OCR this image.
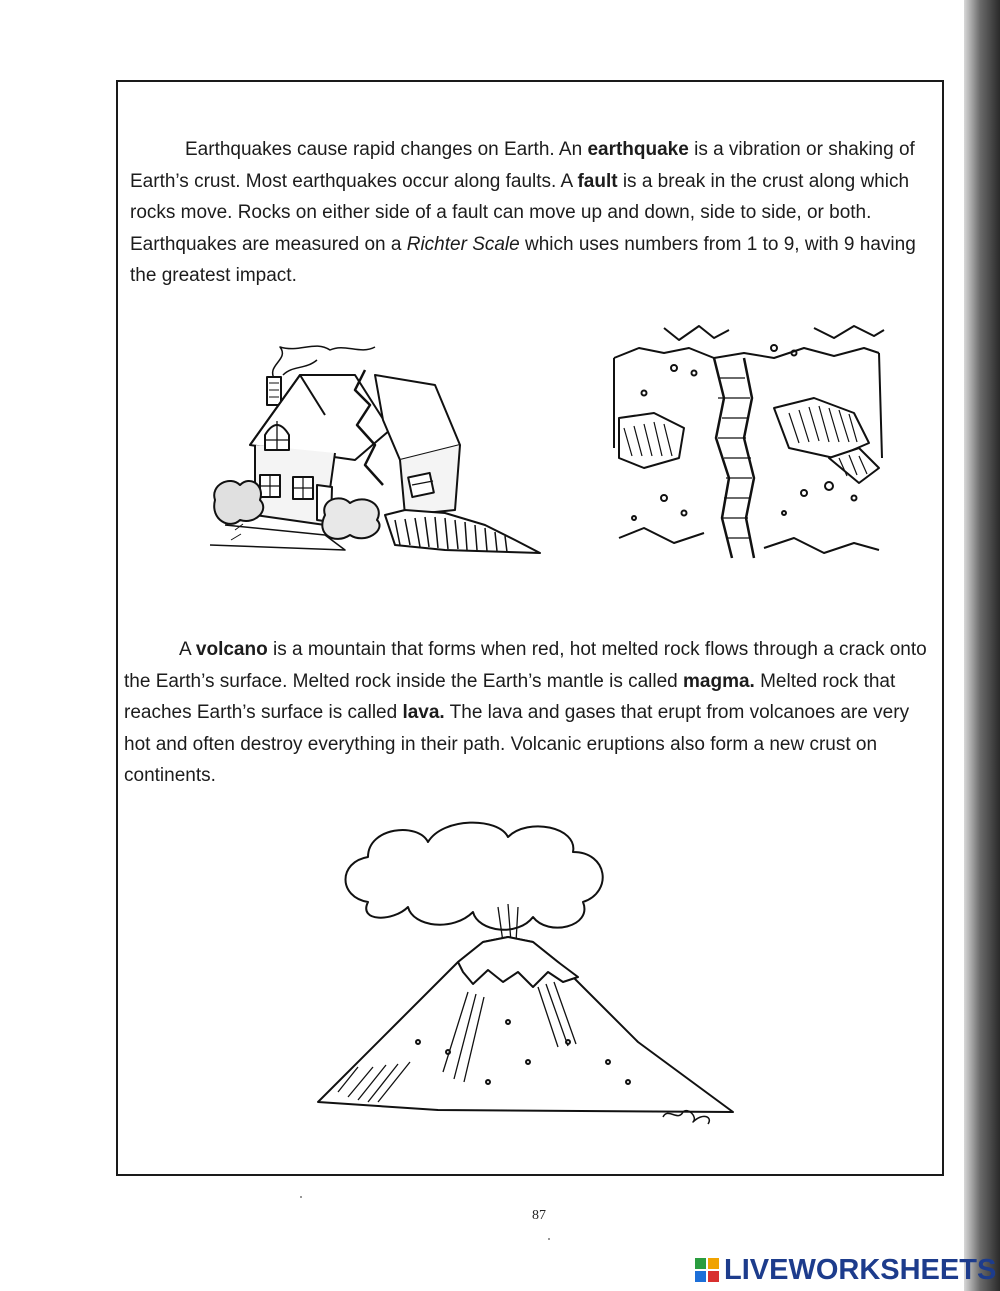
Earthquakes cause rapid changes on Earth. An earthquake is a vibration or shaking of Earth’s crust. Most earthquakes occur along faults. A fault is a break in the crust along which rocks move. Rocks on either side of a fault can move up and down, side to side, or both. Earthquakes are measured on a Richter Scale which uses numbers from 1 to 9, with 9 having the greatest impact.

A volcano is a mountain that forms when red, hot melted rock flows through a crack onto the Earth’s surface. Melted rock inside the Earth’s mantle is called magma. Melted rock that reaches Earth’s surface is called lava. The lava and gases that erupt from volcanoes are very hot and often destroy everything in their path. Volcanic eruptions also form a new crust on continents.

87
LIVEWORKSHEETS
